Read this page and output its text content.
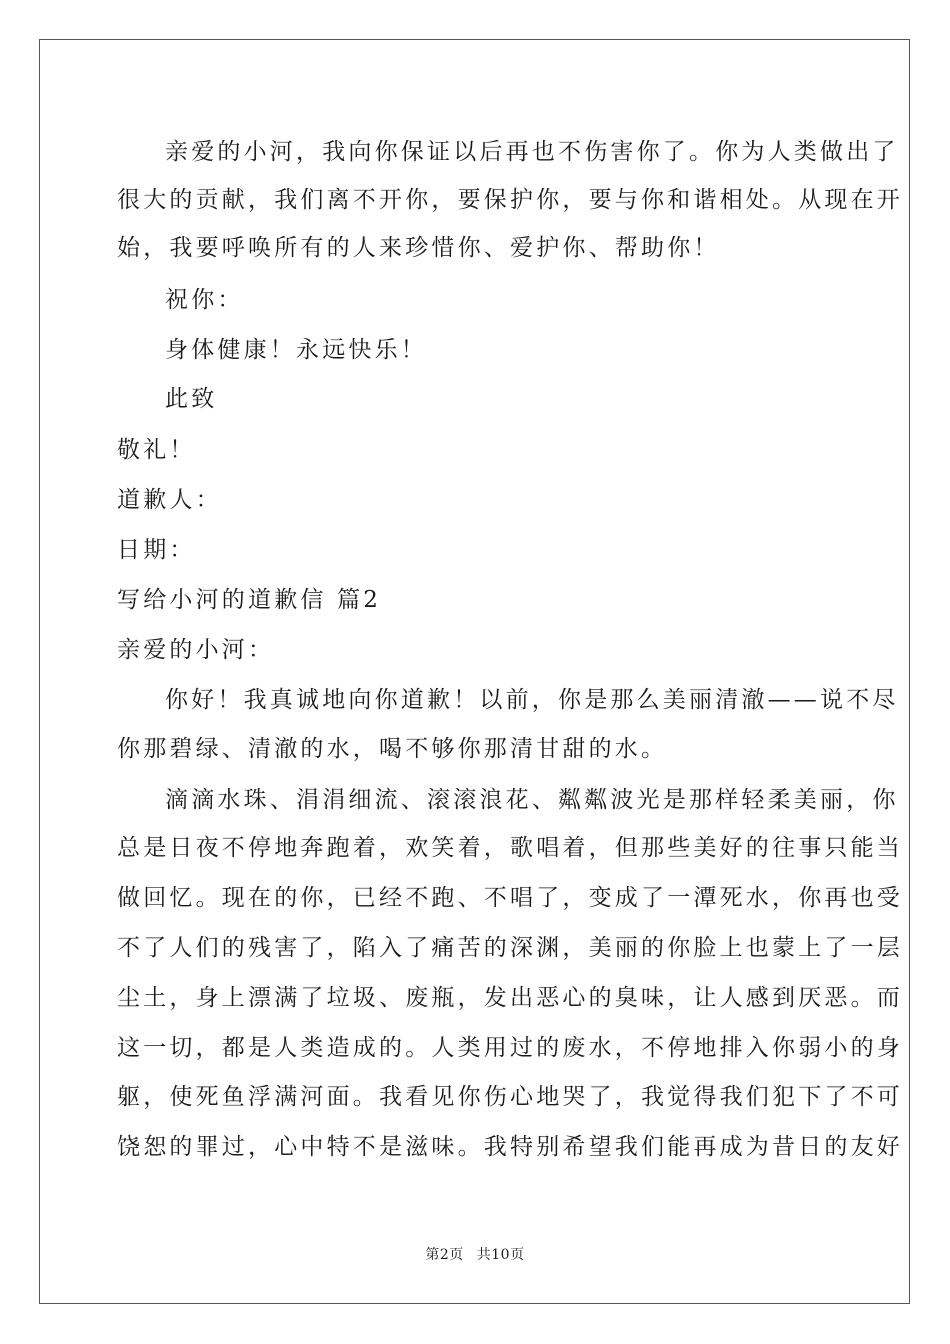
亲爱的小河，我向你保证以后再也不伤害你了。你为人类做出了
很大的贡献，我们离不开你，要保护你，要与你和谐相处。从现在开
始，我要呼唤所有的人来珍惜你、爱护你、帮助你！
祝你：
身体健康！永远快乐！
此致
敬礼！
道歉人：
日期：
写给小河的道歉信 篇2
亲爱的小河：
你好！我真诚地向你道歉！以前，你是那么美丽清澈——说不尽
你那碧绿、清澈的水，喝不够你那清甘甜的水。
滴滴水珠、涓涓细流、滚滚浪花、粼粼波光是那样轻柔美丽，你
总是日夜不停地奔跑着，欢笑着，歌唱着，但那些美好的往事只能当
做回忆。现在的你，已经不跑、不唱了，变成了一潭死水，你再也受
不了人们的残害了，陷入了痛苦的深渊，美丽的你脸上也蒙上了一层
尘土，身上漂满了垃圾、废瓶，发出恶心的臭味，让人感到厌恶。而
这一切，都是人类造成的。人类用过的废水，不停地排入你弱小的身
躯，使死鱼浮满河面。我看见你伤心地哭了，我觉得我们犯下了不可
饶恕的罪过，心中特不是滋味。我特别希望我们能再成为昔日的友好
第2页 共10页
